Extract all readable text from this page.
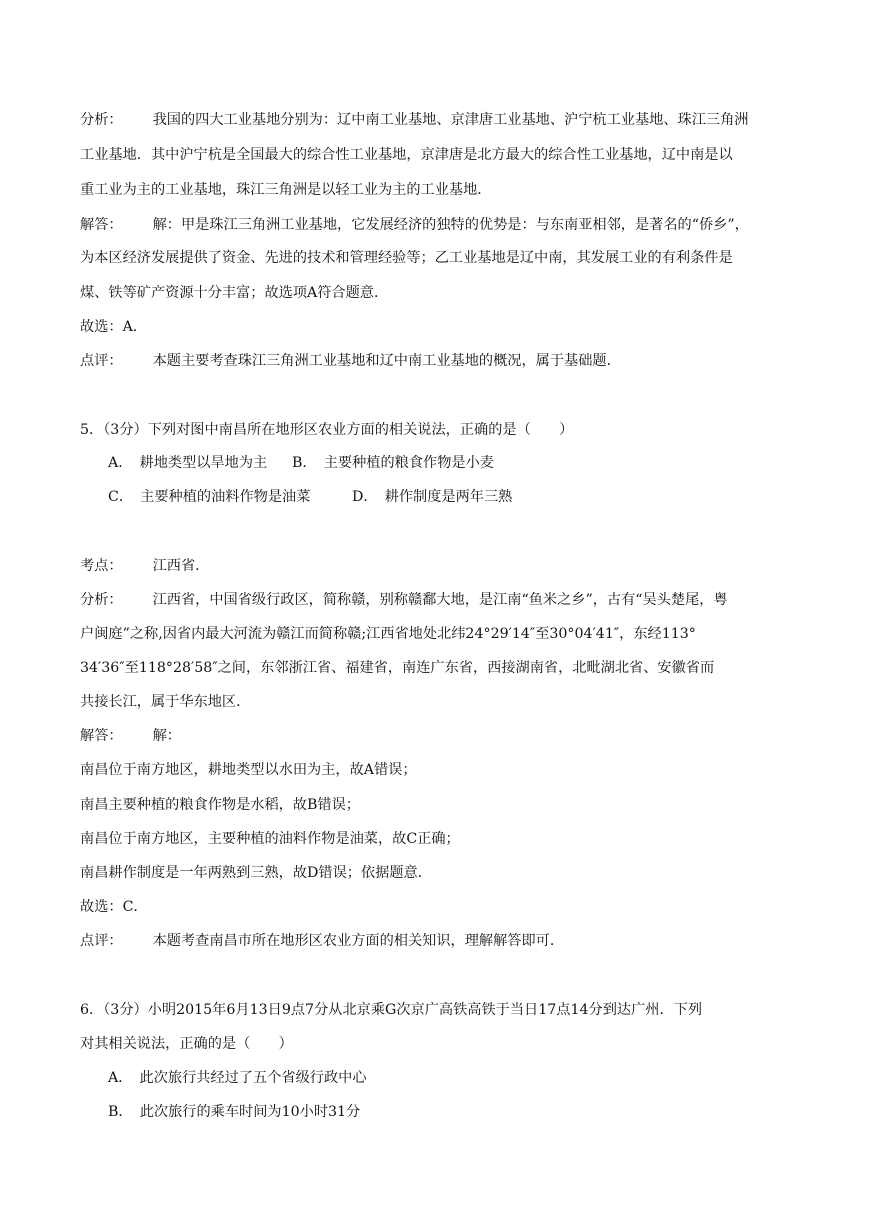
分析： 我国的四大工业基地分别为：辽中南工业基地、京津唐工业基地、沪宁杭工业基地、珠江三角洲
工业基地．其中沪宁杭是全国最大的综合性工业基地，京津唐是北方最大的综合性工业基地，辽中南是以
重工业为主的工业基地，珠江三角洲是以轻工业为主的工业基地．
解答： 解：甲是珠江三角洲工业基地，它发展经济的独特的优势是：与东南亚相邻，是著名的“侨乡”，
为本区经济发展提供了资金、先进的技术和管理经验等；乙工业基地是辽中南，其发展工业的有利条件是
煤、铁等矿产资源十分丰富；故选项A符合题意．
故选：A．
点评： 本题主要考查珠江三角洲工业基地和辽中南工业基地的概况，属于基础题．
5．（3分）下列对图中南昌所在地形区农业方面的相关说法，正确的是（　　）
A．　耕地类型以旱地为主 B．　主要种植的粮食作物是小麦
C．　主要种植的油料作物是油菜	D．　耕作制度是两年三熟
考点： 江西省．
分析： 江西省，中国省级行政区，简称赣，别称赣鄱大地，是江南“鱼米之乡”，古有“吴头楚尾，粤
户闽庭”之称,因省内最大河流为赣江而简称赣;江西省地处北纬24°29′14″至30°04′41″，东经113°
34′36″至118°28′58″之间，东邻浙江省、福建省，南连广东省，西接湖南省，北毗湖北省、安徽省而
共接长江，属于华东地区．
解答： 解：
南昌位于南方地区，耕地类型以水田为主，故A错误；
南昌主要种植的粮食作物是水稻，故B错误；
南昌位于南方地区，主要种植的油料作物是油菜，故C正确；
南昌耕作制度是一年两熟到三熟，故D错误；依据题意．
故选：C．
点评： 本题考查南昌市所在地形区农业方面的相关知识，理解解答即可．
6．（3分）小明2015年6月13日9点7分从北京乘G次京广高铁高铁于当日17点14分到达广州．下列
对其相关说法，正确的是（　　）
A．　此次旅行共经过了五个省级行政中心
B．　此次旅行的乘车时间为10小时31分
